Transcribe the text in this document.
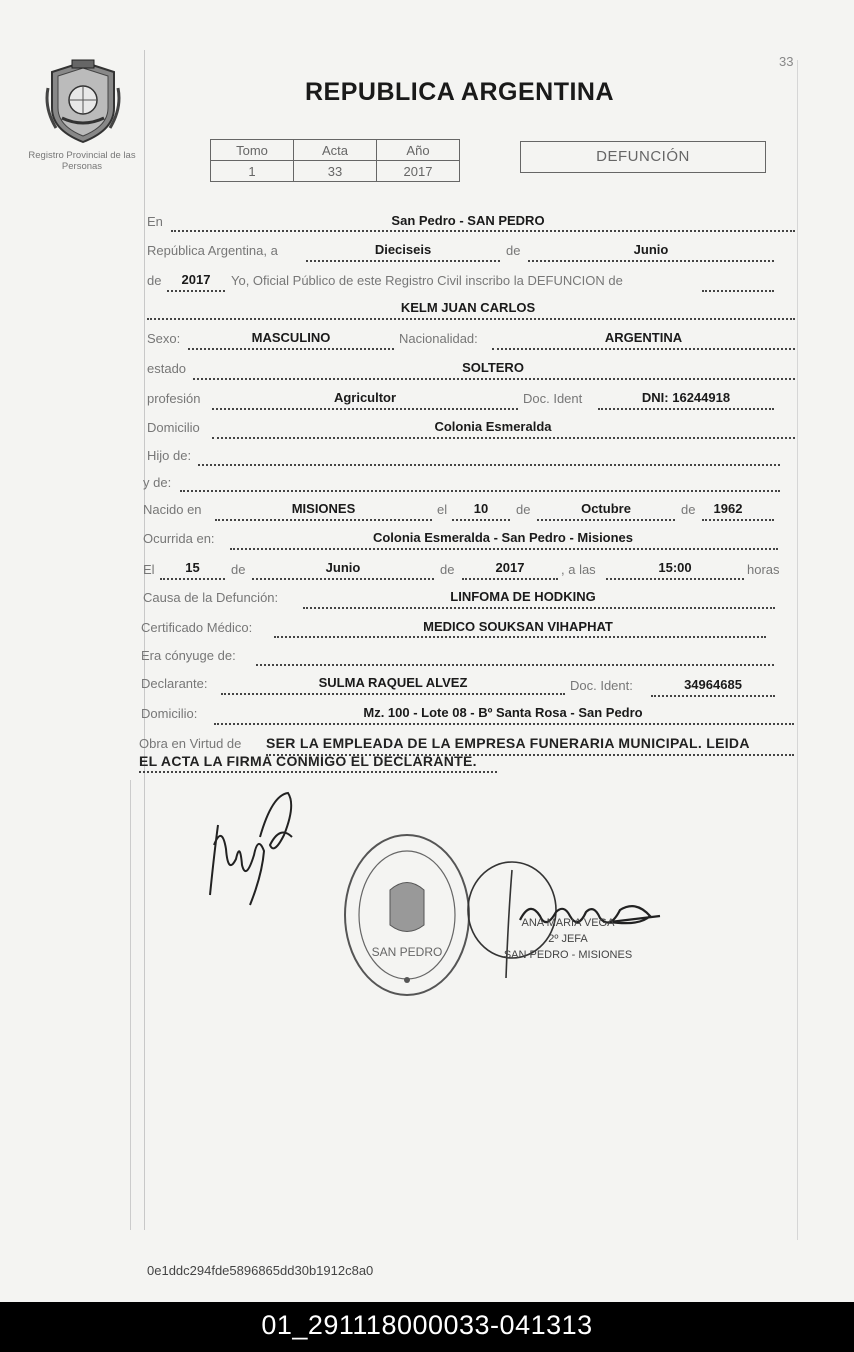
33
Registro Provincial de las Personas
REPUBLICA ARGENTINA
Tomo	Acta	Año
1	33	2017
DEFUNCIÓN
En	San Pedro - SAN PEDRO
República Argentina, a	Dieciseis	de	Junio
de	2017	Yo, Oficial Público de este Registro Civil inscribo la DEFUNCION de
KELM JUAN CARLOS
Sexo:	MASCULINO	Nacionalidad:	ARGENTINA
estado	SOLTERO
profesión	Agricultor	Doc. Ident	DNI: 16244918
Domicilio	Colonia Esmeralda
Hijo de:
y de:
Nacido en	MISIONES	el	10	de	Octubre	de	1962
Ocurrida en:	Colonia Esmeralda - San Pedro - Misiones
El	15	de	Junio	de	2017	, a las	15:00	horas
Causa de la Defunción:	LINFOMA DE HODKING
Certificado Médico:	MEDICO SOUKSAN VIHAPHAT
Era cónyuge de:
Declarante:	SULMA RAQUEL ALVEZ	Doc. Ident:	34964685
Domicilio:	Mz. 100 - Lote 08 - Bº Santa Rosa - San Pedro
Obra en Virtud de SER LA EMPLEADA DE LA EMPRESA FUNERARIA MUNICIPAL. LEIDA
EL ACTA LA FIRMA CONMIGO EL DECLARANTE.
SAN PEDRO
ANA MARIA VEGA
2º JEFA
SAN PEDRO - MISIONES
0e1ddc294fde5896865dd30b1912c8a0
01_291118000033-041313
